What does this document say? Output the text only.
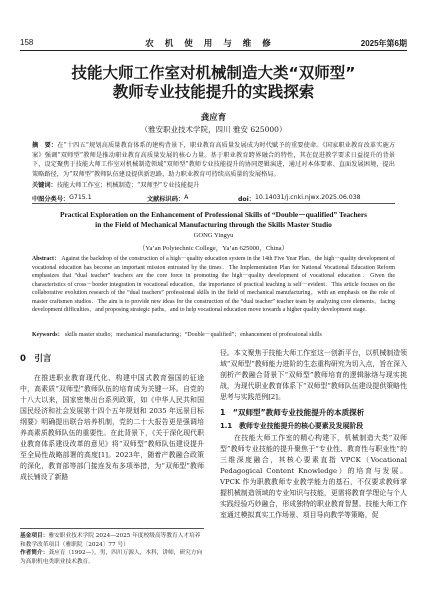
158	农机使用与维修	2025年第6期
技能大师工作室对机械制造大类“双师型”
教师专业技能提升的实践探索
龚应育
（雅安职业技术学院，四川 雅安 625000）
摘　要：在“十四五”规划高质量教育体系的建构背景下，职业教育高质量发展成为时代赋予的重要使命。《国家职业教育改革实施方案》强调“双师型”教师是推动职业教育高质量发展的核心力量。基于职业教育跨界融合的特性，其在促进教学要求日益提升的背景下，设定聚焦于技能大师工作室对机械制造领域“双师型”教师专业技能提升的协同逻辑演进，通过对本体要素、直面发展困境，提出策略路径，为“双师型”教师队伍建设提供新思路，助力职业教育可持续高质量的发展格局。
关键词：技能大师工作室；机械制造；“双师型”专业技能提升
中图分类号： G715.1	文献标识码： A	doi： 10.14031/j.cnki.njwx.2025.06.038
Practical Exploration on the Enhancement of Professional Skills of “Double－qualified” Teachers
in the Field of Mechanical Manufacturing through the Skills Master Studio
GONG Yingyu
（Ya’an Polytechnic College，Ya’an 625000，China）
Abstract： Against the backdrop of the construction of a high－quality education system in the 14th Five Year Plan，the high－quality development of vocational education has become an important mission entrusted by the times．The Implementation Plan for National Vocational Education Reform emphasizes that “dual teacher” teachers are the core force in promoting the high－quality development of vocational education．Given the characteristics of cross－border integration in vocational education，the importance of practical teaching is self－evident．This article focuses on the collaborative evolution research of the “dual teachers” professional skills in the field of mechanical manufacturing，with an emphasis on the role of master craftsmen studios．The aim is to provide new ideas for the construction of the “dual teacher” teacher team by analyzing core elements，facing development difficulties，and proposing strategic paths，and to help vocational education move towards a higher quality development stage．
Keywords： skills master studio；mechanical manufacturing；“Double－qualified”；enhancement of professional skills
0　引言

在推进职业教育现代化、构建中国式教育强国的征途中，高素质“双师型”教师队伍的培育成为关键一环。自党的十八大以来，国家密集出台系列政策，如《中华人民共和国国民经济和社会发展第十四个五年规划和 2035 年远景目标纲要》明确提出联合培养机制，党的二十大报告更是强调培养高素质教师队伍的重要性。在此背景下，《关于深化现代职业教育体系建设改革的意见》将“双师型”教师队伍建设提升至全局性战略部署的高度[1]。2023年，随着产教融合政策的深化，教育部等部门接连发布多项举措，为“双师型”教师成长铺设了新路

径。本文聚焦于技能大师工作室这一创新平台，以机械制造领域“双师型”教师能力进阶的生态重构研究为切入点，旨在深入剖析产教融合背景下“双师型”教师培育的逻辑脉络与现实挑战，为现代职业教育体系下“双师型”教师队伍建设提供策略性思考与实践范例[2]。

1　“双师型”教师专业技能提升的本质探析
1.1　教师专业技能提升的核心要素及发展阶段

在技能大师工作室的精心构建下，机械制造大类“双师型”教师专业技能的提升聚焦于“专业性、教育性与职业性”的三维深度融合，其核心要素直指 VPCK（Vocational Pedagogical Content Knowledge）的培育与发展。VPCK 作为职教教师专业教学能力的基石，不仅要求教师掌握机械制造领域的专业知识与技能，更需将教育学理论与个人实践经验巧妙融合，形成独特的职业教育智慧。技能大师工作室通过模拟真实工作场景、项目导向教学等策略，促

基金项目：雅安职业技术学院 2024—2025 年度校级高等教育人才培养和教学改革项目（雅职院〔2024〕77 号）
作者简介：龚应育（1992—），男，四川万源人，本科，讲师，研究方向为高职机电类职业技术教育。
